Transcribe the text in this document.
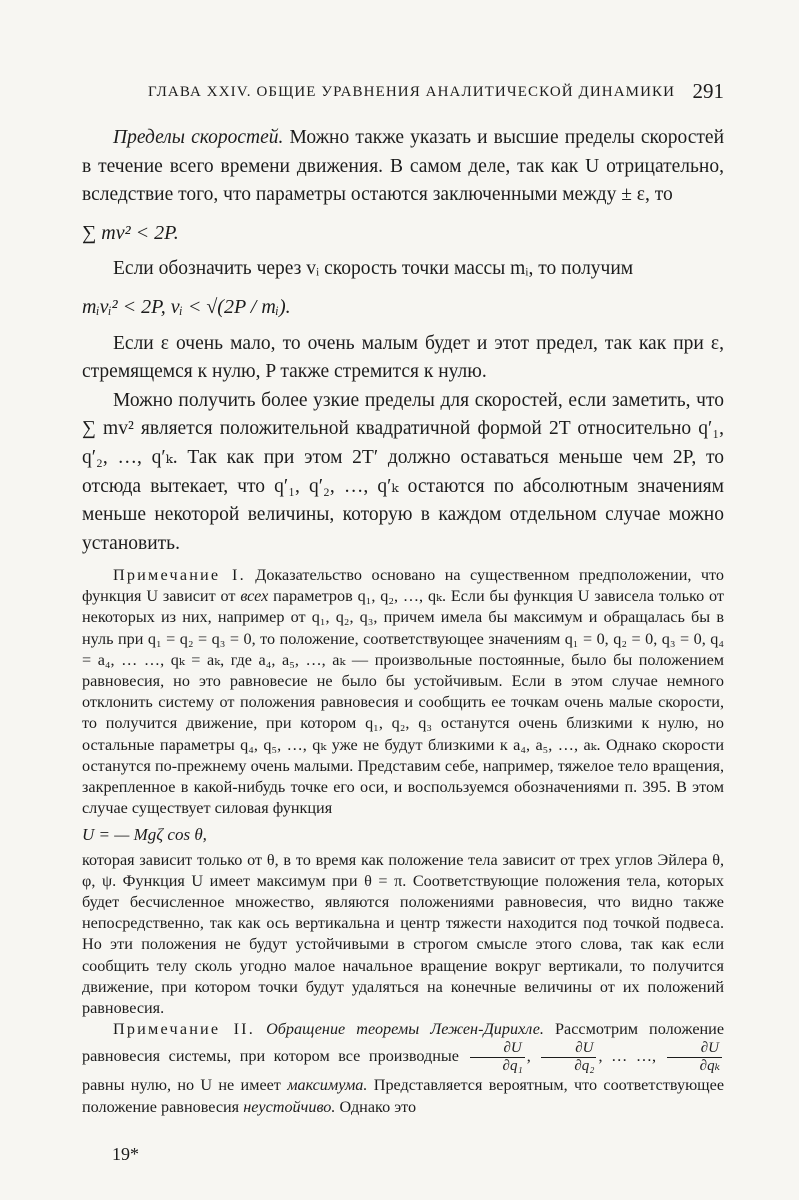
ГЛАВА XXIV. ОБЩИЕ УРАВНЕНИЯ АНАЛИТИЧЕСКОЙ ДИНАМИКИ 291

Пределы скоростей. Можно также указать и высшие пределы скоростей в течение всего времени движения. В самом деле, так как U отрицательно, вследствие того, что параметры остаются заключенными между ± ε, то

∑ mv² < 2P.

Если обозначить через vᵢ скорость точки массы mᵢ, то получим

mᵢvᵢ² < 2P, vᵢ < √(2P / mᵢ).

Если ε очень мало, то очень малым будет и этот предел, так как при ε, стремящемся к нулю, P также стремится к нулю.

Можно получить более узкие пределы для скоростей, если заметить, что ∑ mv² является положительной квадратичной формой 2T относительно q′₁, q′₂, …, q′ₖ. Так как при этом 2T′ должно оставаться меньше чем 2P, то отсюда вытекает, что q′₁, q′₂, …, q′ₖ остаются по абсолютным значениям меньше некоторой величины, которую в каждом отдельном случае можно установить.

Примечание I. Доказательство основано на существенном предположении, что функция U зависит от всех параметров q₁, q₂, …, qₖ. Если бы функция U зависела только от некоторых из них, например от q₁, q₂, q₃, причем имела бы максимум и обращалась бы в нуль при q₁ = q₂ = q₃ = 0, то положение, соответствующее значениям q₁ = 0, q₂ = 0, q₃ = 0, q₄ = a₄, … …, qₖ = aₖ, где a₄, a₅, …, aₖ — произвольные постоянные, было бы положением равновесия, но это равновесие не было бы устойчивым. Если в этом случае немного отклонить систему от положения равновесия и сообщить ее точкам очень малые скорости, то получится движение, при котором q₁, q₂, q₃ останутся очень близкими к нулю, но остальные параметры q₄, q₅, …, qₖ уже не будут близкими к a₄, a₅, …, aₖ. Однако скорости останутся по-прежнему очень малыми. Представим себе, например, тяжелое тело вращения, закрепленное в какой-нибудь точке его оси, и воспользуемся обозначениями п. 395. В этом случае существует силовая функция

U = — Mgζ cos θ,

которая зависит только от θ, в то время как положение тела зависит от трех углов Эйлера θ, φ, ψ. Функция U имеет максимум при θ = π. Соответствующие положения тела, которых будет бесчисленное множество, являются положениями равновесия, что видно также непосредственно, так как ось вертикальна и центр тяжести находится под точкой подвеса. Но эти положения не будут устойчивыми в строгом смысле этого слова, так как если сообщить телу сколь угодно малое начальное вращение вокруг вертикали, то получится движение, при котором точки будут удаляться на конечные величины от их положений равновесия.

Примечание II. Обращение теоремы Лежен-Дирихле. Рассмотрим положение равновесия системы, при котором все производные $\frac{\partial U}{\text{∂q₁}}$ , $\frac{\partial U}{\text{∂q₂}}$ , … …, $\frac{\partial U}{\text{∂qₖ}}$
равны нулю, но U не имеет максимума. Представляется вероятным, что соответствующее положение равновесия неустойчиво. Однако это

19*
